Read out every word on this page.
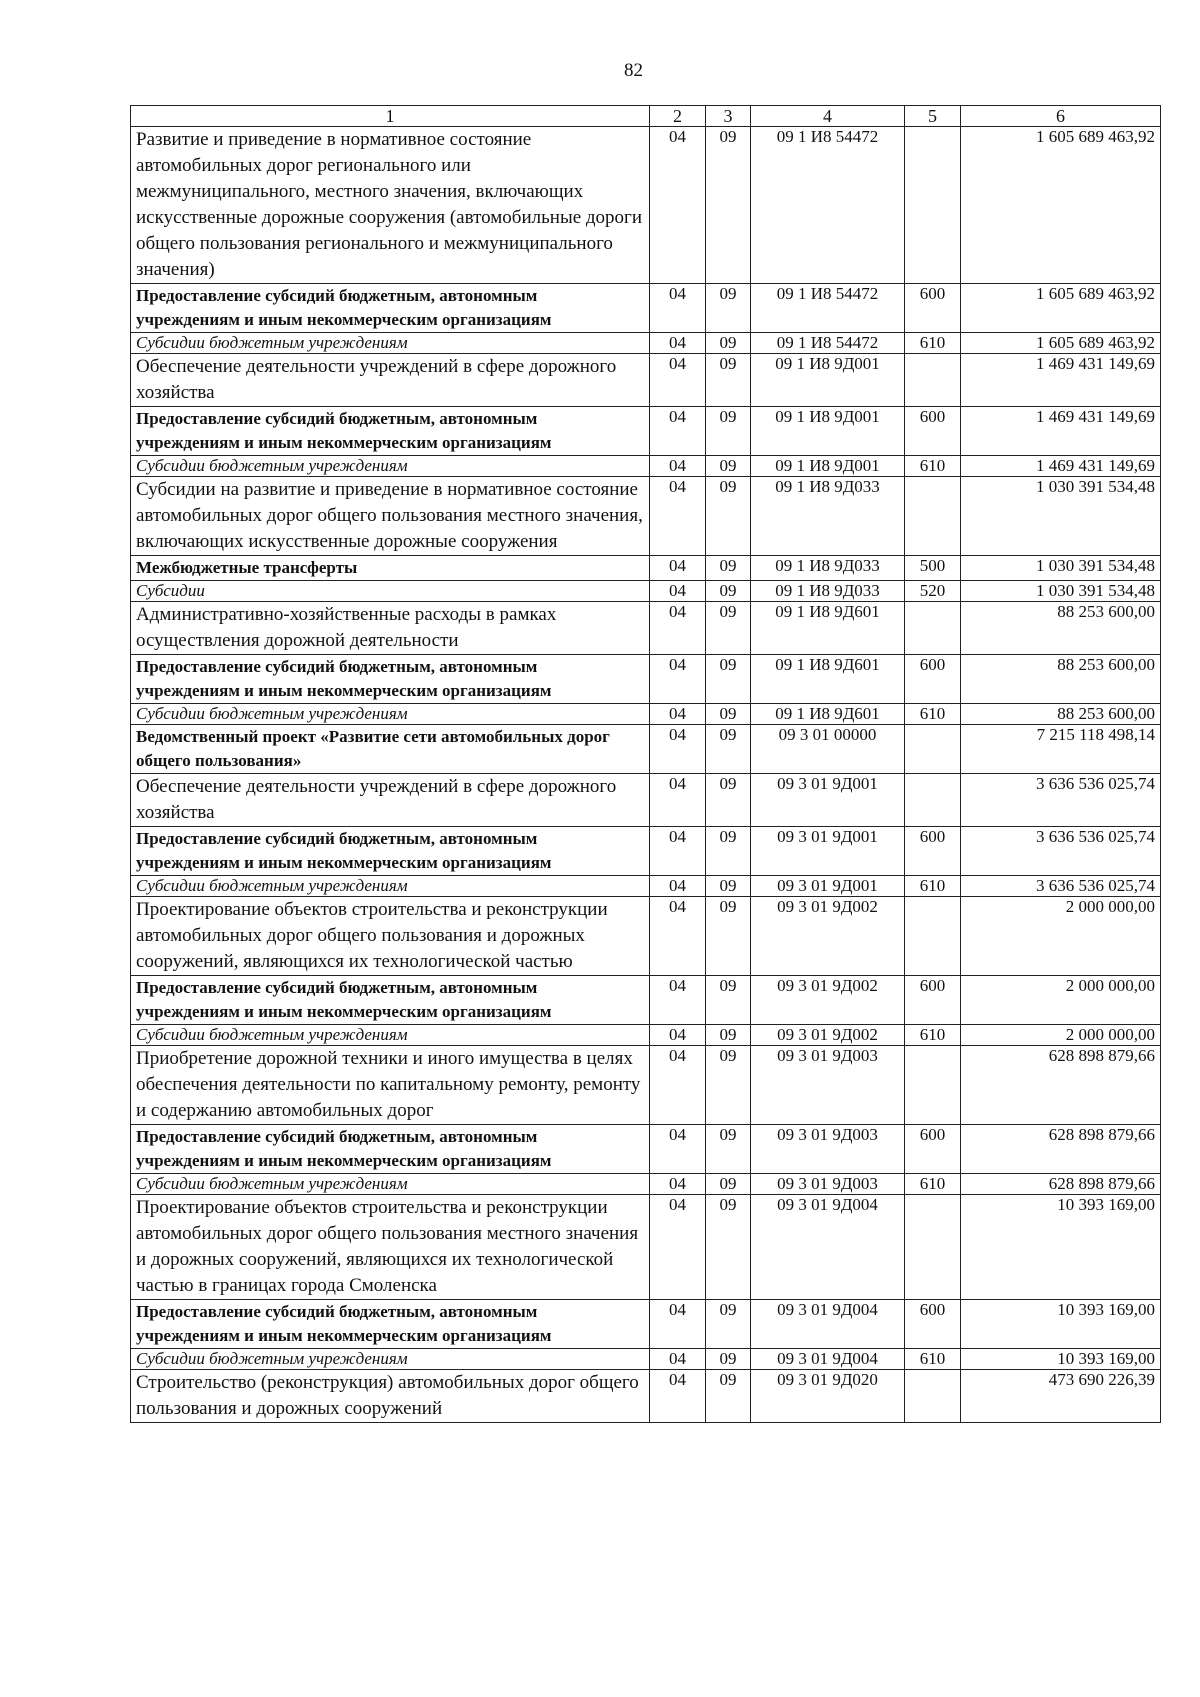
82
1	2	3	4	5	6
Развитие и приведение в нормативное состояние автомобильных дорог регионального или межмуниципального, местного значения, включающих искусственные дорожные сооружения (автомобильные дороги общего пользования регионального и межмуниципального значения)	04	09	09 1 И8 54472		1 605 689 463,92
Предоставление субсидий бюджетным, автономным учреждениям и иным некоммерческим организациям	04	09	09 1 И8 54472	600	1 605 689 463,92
Субсидии бюджетным учреждениям	04	09	09 1 И8 54472	610	1 605 689 463,92
Обеспечение деятельности учреждений в сфере дорожного хозяйства	04	09	09 1 И8 9Д001		1 469 431 149,69
Предоставление субсидий бюджетным, автономным учреждениям и иным некоммерческим организациям	04	09	09 1 И8 9Д001	600	1 469 431 149,69
Субсидии бюджетным учреждениям	04	09	09 1 И8 9Д001	610	1 469 431 149,69
Субсидии на развитие и приведение в нормативное состояние автомобильных дорог общего пользования местного значения, включающих искусственные дорожные сооружения	04	09	09 1 И8 9Д033		1 030 391 534,48
Межбюджетные трансферты	04	09	09 1 И8 9Д033	500	1 030 391 534,48
Субсидии	04	09	09 1 И8 9Д033	520	1 030 391 534,48
Административно-хозяйственные расходы в рамках осуществления дорожной деятельности	04	09	09 1 И8 9Д601		88 253 600,00
Предоставление субсидий бюджетным, автономным учреждениям и иным некоммерческим организациям	04	09	09 1 И8 9Д601	600	88 253 600,00
Субсидии бюджетным учреждениям	04	09	09 1 И8 9Д601	610	88 253 600,00
Ведомственный проект «Развитие сети автомобильных дорог общего пользования»	04	09	09 3 01 00000		7 215 118 498,14
Обеспечение деятельности учреждений в сфере дорожного хозяйства	04	09	09 3 01 9Д001		3 636 536 025,74
Предоставление субсидий бюджетным, автономным учреждениям и иным некоммерческим организациям	04	09	09 3 01 9Д001	600	3 636 536 025,74
Субсидии бюджетным учреждениям	04	09	09 3 01 9Д001	610	3 636 536 025,74
Проектирование объектов строительства и реконструкции автомобильных дорог общего пользования и дорожных сооружений, являющихся их технологической частью	04	09	09 3 01 9Д002		2 000 000,00
Предоставление субсидий бюджетным, автономным учреждениям и иным некоммерческим организациям	04	09	09 3 01 9Д002	600	2 000 000,00
Субсидии бюджетным учреждениям	04	09	09 3 01 9Д002	610	2 000 000,00
Приобретение дорожной техники и иного имущества в целях обеспечения деятельности по капитальному ремонту, ремонту и содержанию автомобильных дорог	04	09	09 3 01 9Д003		628 898 879,66
Предоставление субсидий бюджетным, автономным учреждениям и иным некоммерческим организациям	04	09	09 3 01 9Д003	600	628 898 879,66
Субсидии бюджетным учреждениям	04	09	09 3 01 9Д003	610	628 898 879,66
Проектирование объектов строительства и реконструкции автомобильных дорог общего пользования местного значения и дорожных сооружений, являющихся их технологической частью в границах города Смоленска	04	09	09 3 01 9Д004		10 393 169,00
Предоставление субсидий бюджетным, автономным учреждениям и иным некоммерческим организациям	04	09	09 3 01 9Д004	600	10 393 169,00
Субсидии бюджетным учреждениям	04	09	09 3 01 9Д004	610	10 393 169,00
Строительство (реконструкция) автомобильных дорог общего пользования и дорожных сооружений	04	09	09 3 01 9Д020		473 690 226,39
